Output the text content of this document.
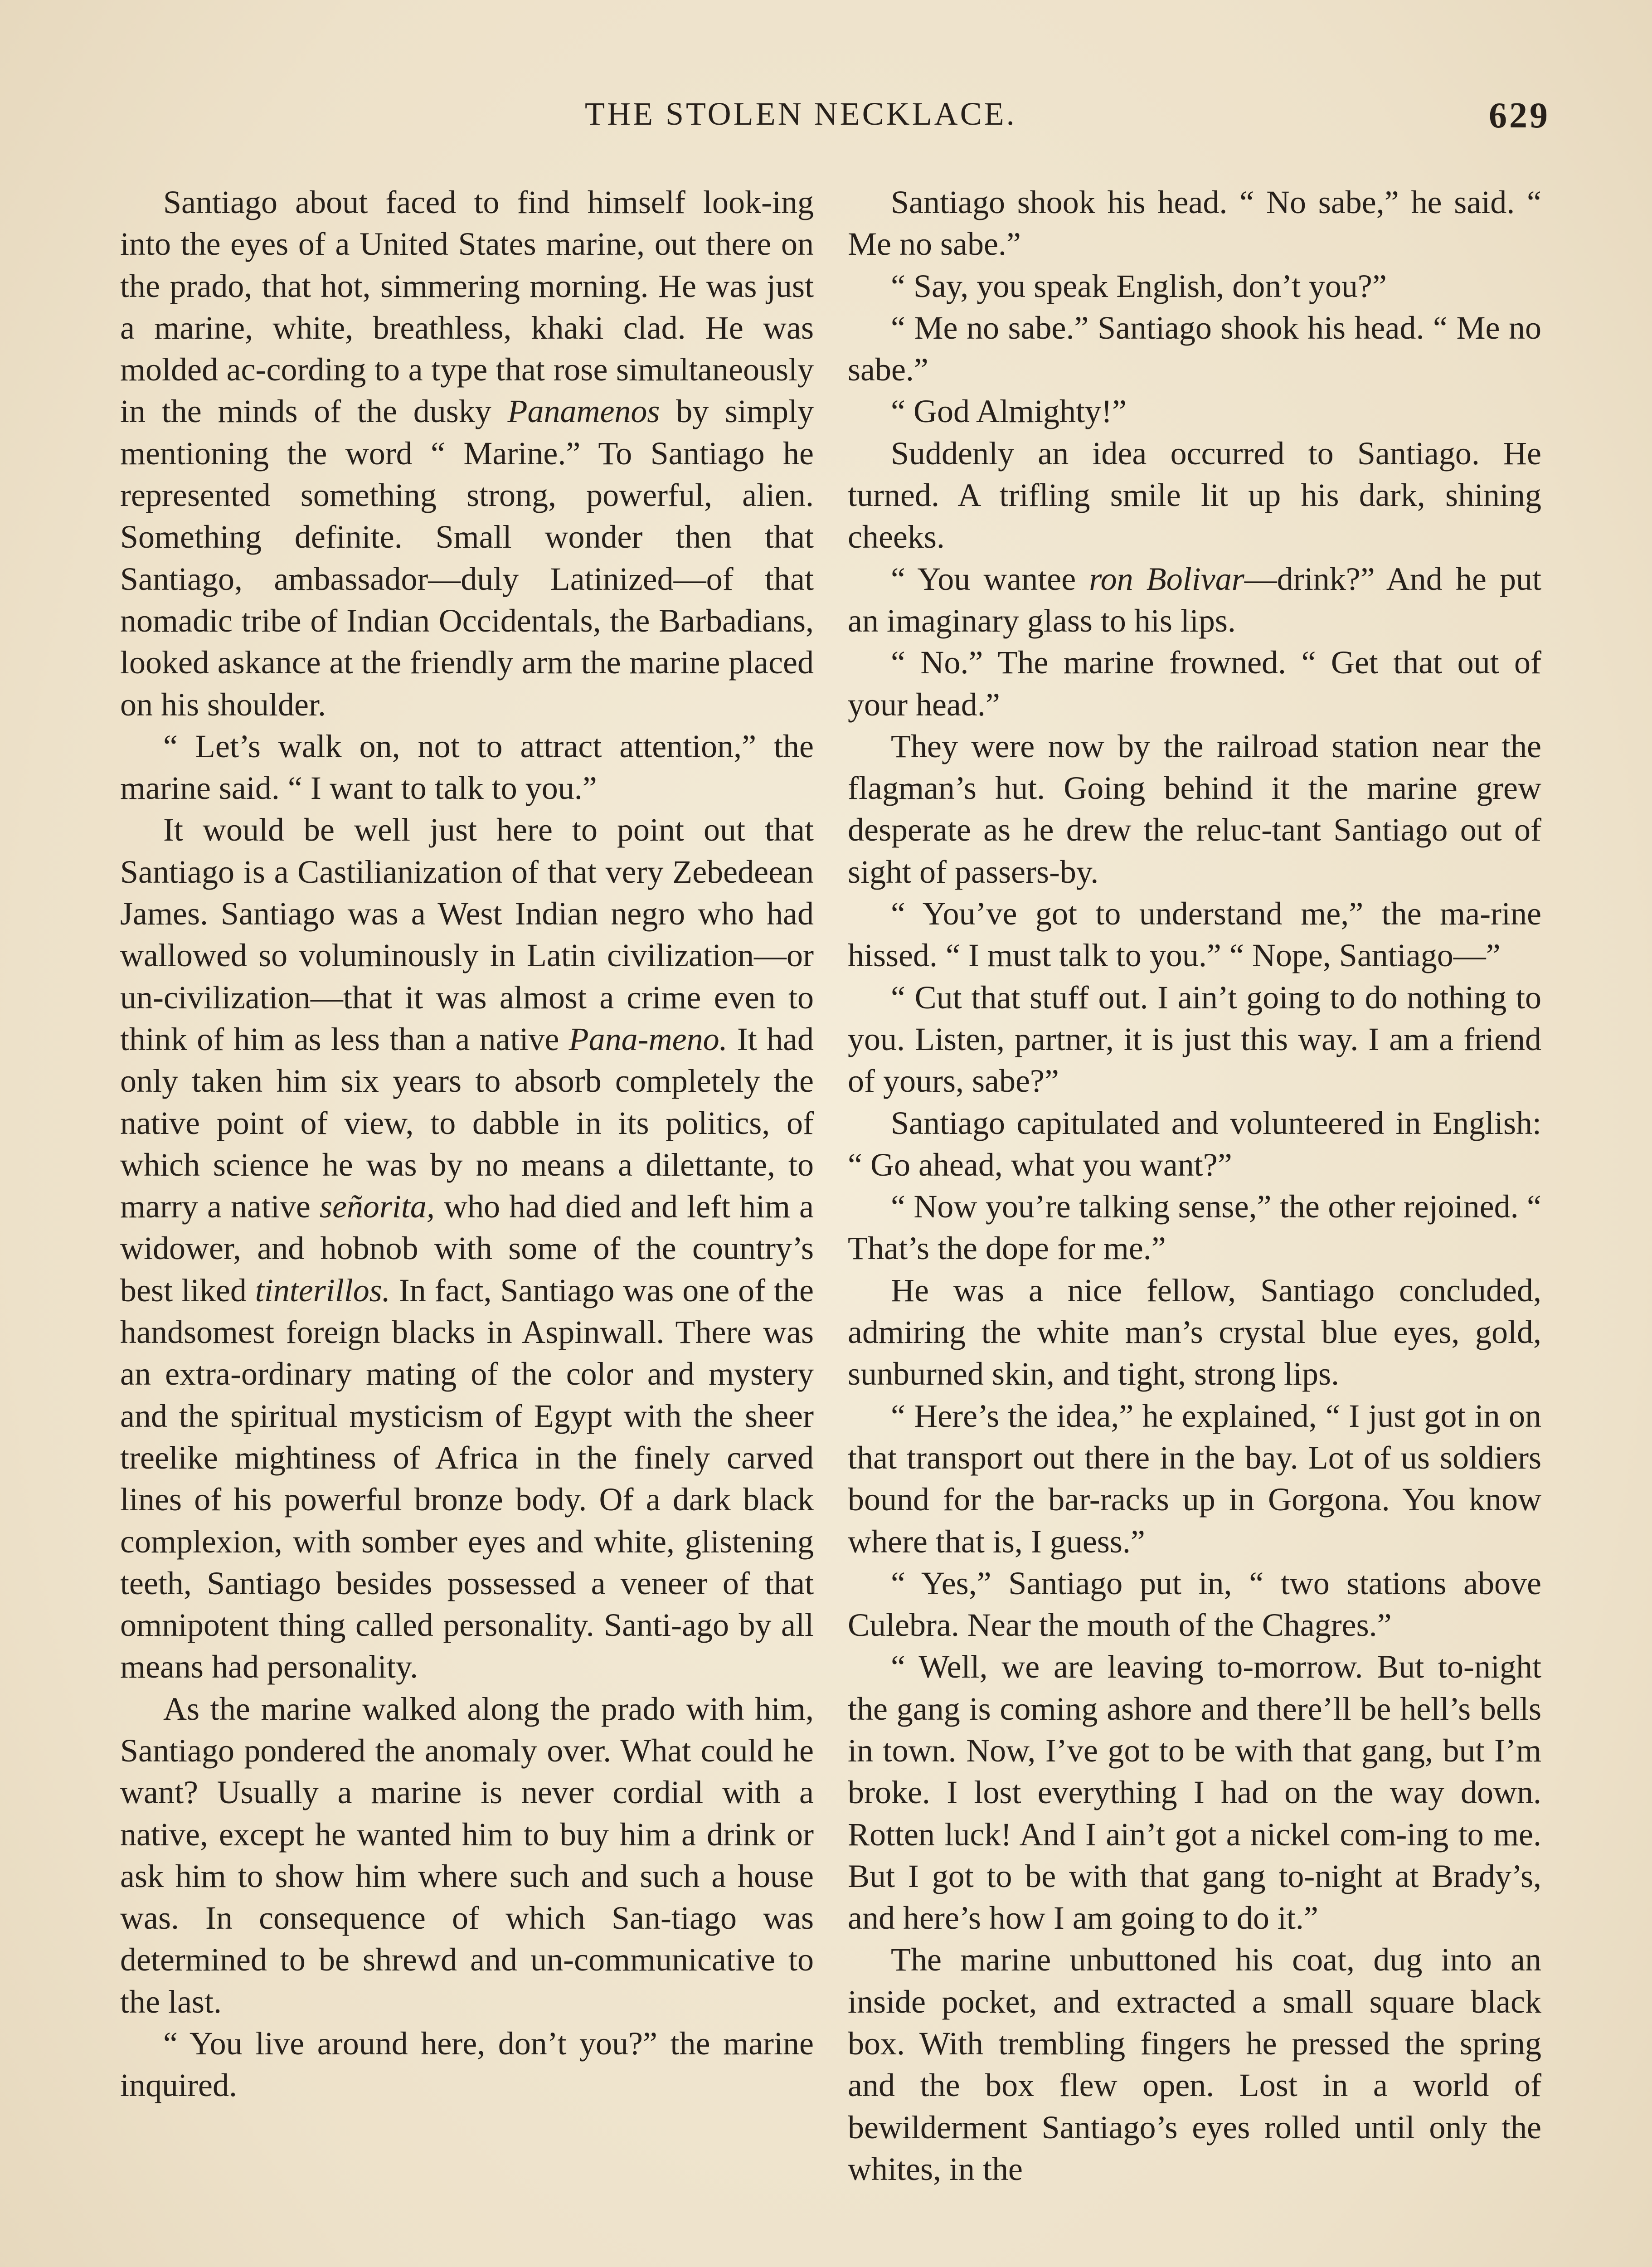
THE STOLEN NECKLACE.	629

Santiago about faced to find himself look-ing into the eyes of a United States marine, out there on the prado, that hot, simmering morning. He was just a marine, white, breathless, khaki clad. He was molded ac-cording to a type that rose simultaneously in the minds of the dusky Panamenos by simply mentioning the word “ Marine.” To Santiago he represented something strong, powerful, alien. Something definite. Small wonder then that Santiago, ambassador—duly Latinized—of that nomadic tribe of Indian Occidentals, the Barbadians, looked askance at the friendly arm the marine placed on his shoulder.

“ Let’s walk on, not to attract attention,” the marine said. “ I want to talk to you.”

It would be well just here to point out that Santiago is a Castilianization of that very Zebedeean James. Santiago was a West Indian negro who had wallowed so voluminously in Latin civilization—or un-civilization—that it was almost a crime even to think of him as less than a native Pana-meno. It had only taken him six years to absorb completely the native point of view, to dabble in its politics, of which science he was by no means a dilettante, to marry a native señorita, who had died and left him a widower, and hobnob with some of the country’s best liked tinterillos. In fact, Santiago was one of the handsomest foreign blacks in Aspinwall. There was an extra-ordinary mating of the color and mystery and the spiritual mysticism of Egypt with the sheer treelike mightiness of Africa in the finely carved lines of his powerful bronze body. Of a dark black complexion, with somber eyes and white, glistening teeth, Santiago besides possessed a veneer of that omnipotent thing called personality. Santi-ago by all means had personality.

As the marine walked along the prado with him, Santiago pondered the anomaly over. What could he want? Usually a marine is never cordial with a native, except he wanted him to buy him a drink or ask him to show him where such and such a house was. In consequence of which San-tiago was determined to be shrewd and un-communicative to the last.

“ You live around here, don’t you?” the marine inquired.

Santiago shook his head. “ No sabe,” he said. “ Me no sabe.”

“ Say, you speak English, don’t you?”

“ Me no sabe.” Santiago shook his head. “ Me no sabe.”

“ God Almighty!”

Suddenly an idea occurred to Santiago. He turned. A trifling smile lit up his dark, shining cheeks.

“ You wantee ron Bolivar—drink?” And he put an imaginary glass to his lips.

“ No.” The marine frowned. “ Get that out of your head.”

They were now by the railroad station near the flagman’s hut. Going behind it the marine grew desperate as he drew the reluc-tant Santiago out of sight of passers-by.

“ You’ve got to understand me,” the ma-rine hissed. “ I must talk to you.” “ Nope, Santiago—”

“ Cut that stuff out. I ain’t going to do nothing to you. Listen, partner, it is just this way. I am a friend of yours, sabe?”

Santiago capitulated and volunteered in English: “ Go ahead, what you want?”

“ Now you’re talking sense,” the other rejoined. “ That’s the dope for me.”

He was a nice fellow, Santiago concluded, admiring the white man’s crystal blue eyes, gold, sunburned skin, and tight, strong lips.

“ Here’s the idea,” he explained, “ I just got in on that transport out there in the bay. Lot of us soldiers bound for the bar-racks up in Gorgona. You know where that is, I guess.”

“ Yes,” Santiago put in, “ two stations above Culebra. Near the mouth of the Chagres.”

“ Well, we are leaving to-morrow. But to-night the gang is coming ashore and there’ll be hell’s bells in town. Now, I’ve got to be with that gang, but I’m broke. I lost everything I had on the way down. Rotten luck! And I ain’t got a nickel com-ing to me. But I got to be with that gang to-night at Brady’s, and here’s how I am going to do it.”

The marine unbuttoned his coat, dug into an inside pocket, and extracted a small square black box. With trembling fingers he pressed the spring and the box flew open. Lost in a world of bewilderment Santiago’s eyes rolled until only the whites, in the
